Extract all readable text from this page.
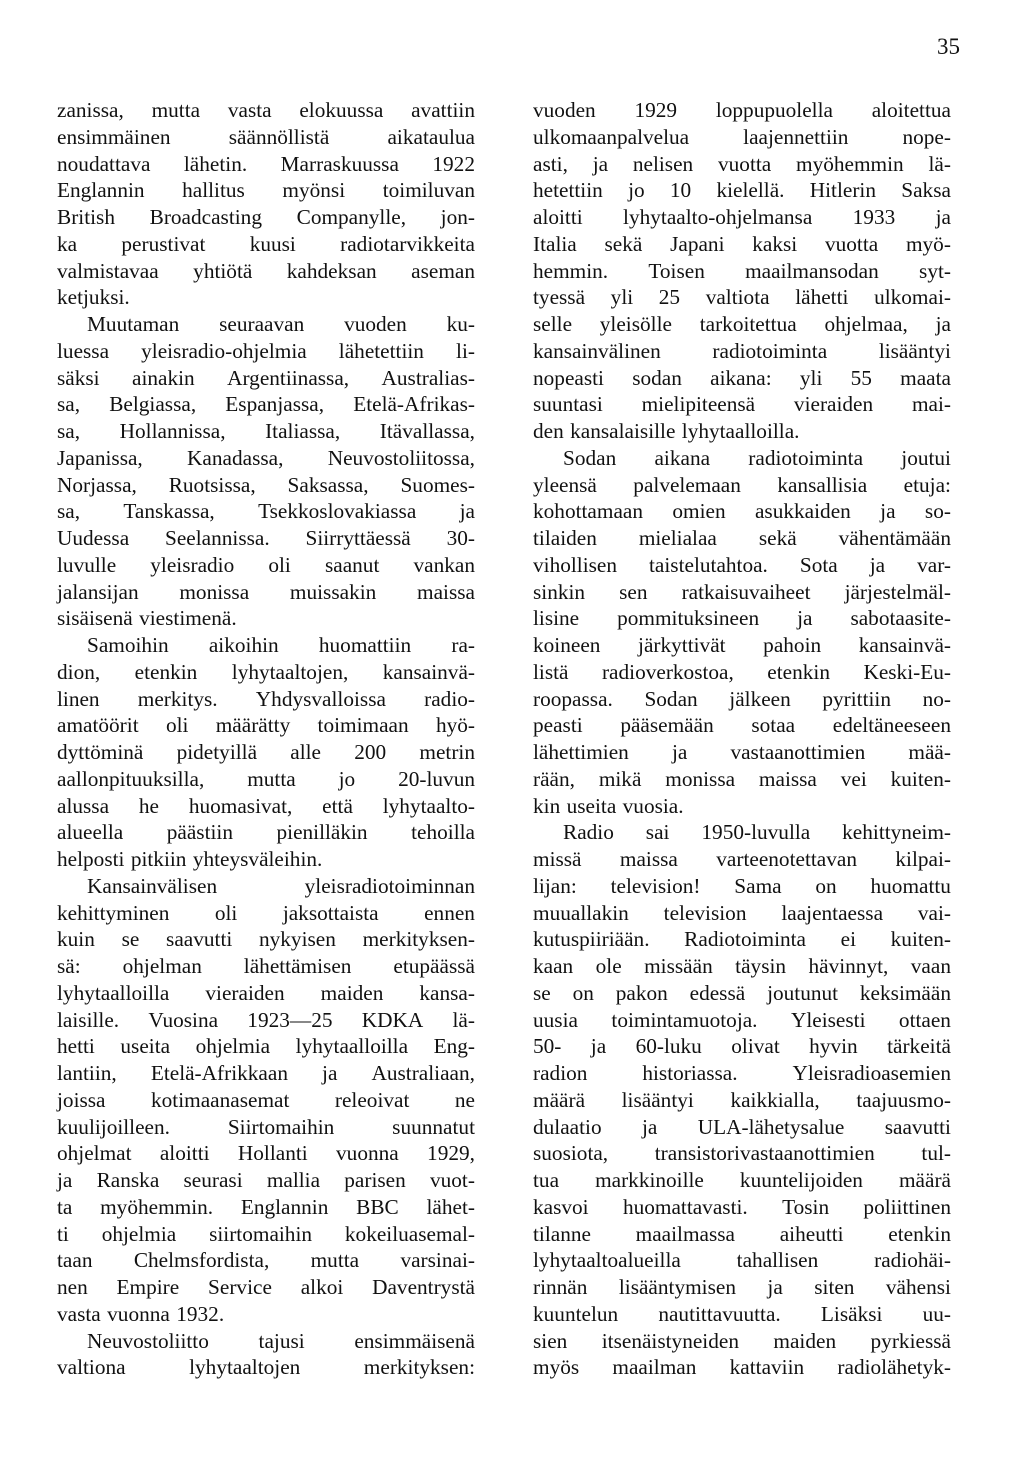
35
zanissa, mutta vasta elokuussa avattiin
ensimmäinen	säännöllistä	aikataulua
noudattava lähetin. Marraskuussa 1922
Englannin hallitus myönsi toimiluvan
British Broadcasting Companylle, jon-
ka perustivat kuusi radiotarvikkeita
valmistavaa yhtiötä kahdeksan aseman
ketjuksi.
Muutaman seuraavan vuoden ku-
luessa yleisradio-ohjelmia lähetettiin li-
säksi ainakin Argentiinassa, Australias-
sa, Belgiassa, Espanjassa, Etelä-Afrikas-
sa, Hollannissa, Italiassa, Itävallassa,
Japanissa, Kanadassa, Neuvostoliitossa,
Norjassa, Ruotsissa, Saksassa, Suomes-
sa, Tanskassa, Tsekkoslovakiassa ja
Uudessa Seelannissa. Siirryttäessä 30-
luvulle yleisradio oli saanut vankan
jalansijan monissa muissakin maissa
sisäisenä viestimenä.
Samoihin aikoihin huomattiin ra-
dion, etenkin lyhytaaltojen, kansainvä-
linen merkitys. Yhdysvalloissa radio-
amatöörit oli määrätty toimimaan hyö-
dyttöminä pidetyillä alle 200 metrin
aallonpituuksilla, mutta jo 20-luvun
alussa he huomasivat, että lyhytaalto-
alueella päästiin pienilläkin tehoilla
helposti pitkiin yhteysväleihin.
Kansainvälisen	yleisradiotoiminnan
kehittyminen oli jaksottaista ennen
kuin se saavutti nykyisen merkityksen-
sä: ohjelman lähettämisen etupäässä
lyhytaalloilla vieraiden maiden kansa-
laisille. Vuosina 1923—25 KDKA lä-
hetti useita ohjelmia lyhytaalloilla Eng-
lantiin, Etelä-Afrikkaan ja Australiaan,
joissa kotimaanasemat releoivat ne
kuulijoilleen.	Siirtomaihin	suunnatut
ohjelmat aloitti Hollanti vuonna 1929,
ja Ranska seurasi mallia parisen vuot-
ta myöhemmin. Englannin BBC lähet-
ti ohjelmia siirtomaihin kokeiluasemal-
taan Chelmsfordista, mutta varsinai-
nen Empire Service alkoi Daventrystä
vasta vuonna 1932.
Neuvostoliitto tajusi ensimmäisenä
valtiona	lyhytaaltojen	merkityksen:
vuoden 1929 loppupuolella aloitettua
ulkomaanpalvelua	laajennettiin	nope-
asti, ja nelisen vuotta myöhemmin lä-
hetettiin jo 10 kielellä. Hitlerin Saksa
aloitti lyhytaalto-ohjelmansa 1933 ja
Italia sekä Japani kaksi vuotta myö-
hemmin. Toisen maailmansodan syt-
tyessä yli 25 valtiota lähetti ulkomai-
selle yleisölle tarkoitettua ohjelmaa, ja
kansainvälinen radiotoiminta lisääntyi
nopeasti sodan aikana: yli 55 maata
suuntasi mielipiteensä vieraiden mai-
den kansalaisille lyhytaalloilla.
Sodan aikana radiotoiminta joutui
yleensä palvelemaan kansallisia etuja:
kohottamaan omien asukkaiden ja so-
tilaiden mielialaa sekä vähentämään
vihollisen taistelutahtoa. Sota ja var-
sinkin sen ratkaisuvaiheet järjestelmäl-
lisine pommituksineen ja sabotaasite-
koineen järkyttivät pahoin kansainvä-
listä radioverkostoa, etenkin Keski-Eu-
roopassa. Sodan jälkeen pyrittiin no-
peasti pääsemään sotaa edeltäneeseen
lähettimien ja vastaanottimien mää-
rään, mikä monissa maissa vei kuiten-
kin useita vuosia.
Radio sai 1950-luvulla kehittyneim-
missä maissa varteenotettavan kilpai-
lijan: television! Sama on huomattu
muuallakin television laajentaessa vai-
kutuspiiriään. Radiotoiminta ei kuiten-
kaan ole missään täysin hävinnyt, vaan
se on pakon edessä joutunut keksimään
uusia toimintamuotoja. Yleisesti ottaen
50- ja 60-luku olivat hyvin tärkeitä
radion	historiassa.	Yleisradioasemien
määrä lisääntyi kaikkialla, taajuusmo-
dulaatio ja ULA-lähetysalue saavutti
suosiota, transistorivastaanottimien tul-
tua markkinoille kuuntelijoiden määrä
kasvoi huomattavasti. Tosin poliittinen
tilanne maailmassa aiheutti etenkin
lyhytaaltoalueilla	tahallisen	radiohäi-
rinnän lisääntymisen ja siten vähensi
kuuntelun nautittavuutta. Lisäksi uu-
sien itsenäistyneiden maiden pyrkiessä
myös maailman kattaviin radiolähetyk-
